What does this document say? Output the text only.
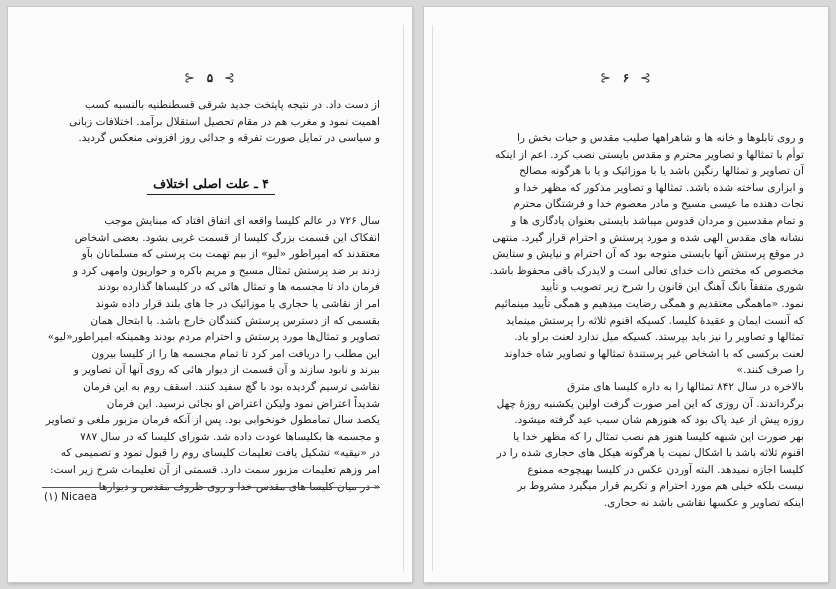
⊱ ۵ ⊰

از دست داد. در نتیجه پایتخت جدید شرقی قسطنطنیه بالنسبه کسب

اهمیت نمود و مغرب هم در مقام تحصیل استقلال برآمد. اختلافات زبانی

و سیاسی در تمایل صورت تفرقه و جدائی روز افزونی منعکس گردید.

۴ ـ علت اصلی اختلاف

سال ۷۲۶ در عالم کلیسا واقعه ای اتفاق افتاد که مبنایش موجب

انفکاک این قسمت بزرگ کلیسا از قسمت غربی بشود. بعضی اشخاص

معتقدند که امپراطور «لیو» از بیم تهمت بت پرستی که مسلمانان بآو

زدند بر ضد پرستش تمثال مسیح و مریم باکره و حواریون وامهی کرد و

فرمان داد تا مجسمه ها و تمثال هائی که در کلیساها گذارده بودند

امر از نقاشی یا حجاری یا موزائیک در جا های بلند قرار داده شوند

بقسمی که از دسترس پرستش کنندگان خارج باشد. با ابتحال همان

تصاویر و تمثال‌ها مورد پرستش و احترام مردم بودند وهمینکه امپراطور«لیو»

این مطلب را دریافت امر کرد تا تمام مجسمه ها را از کلیسا بیرون

ببرند و نابود سازند و آن قسمت از دیوار هائی که روی آنها آن تصاویر و

نقاشی ترسیم گردیده بود با گچ سفید کنند. اسقف روم به این فرمان

شدیداً اعتراض نمود ولیکن اعتراض او بجائی نرسید. این فرمان

یکصد سال تمامطول خونخوابی بود. پس از آنکه فرمان مزبور ملغی و تصاویر

و مجسمه ها بکلیساها عودت داده شد. شورای کلیسا که در سال ۷۸۷

در «نیقیه» تشکیل یافت تعلیمات کلیسای روم را قبول نمود و تصمیمی که

امر وزهم تعلیمات مزبور سمت دارد. قسمتی از آن تعلیمات شرح زیر است:

« در میان کلیسا های مقدس خدا و روی ظروف مقدس و دیوارها

(۱) Nicaea
⊱ ۶ ⊰

و روی تابلوها و خانه ها و شاهراهها صلیب مقدس و حیات بخش را

توأم با تمثالها و تصاویر محترم و مقدس بایستی نصب کرد. اعم از اینکه

آن تصاویر و تمثالها رنگین باشد یا با موزائیک و یا با هرگونه مصالح

و ابزاری ساخته شده باشد. تمثالها و تصاویر مذکور که مظهر خدا و

نجات دهنده ما عیسی مسیح و مادر معصوم خدا و فرشتگان محترم

و تمام مقدسین و مردان قدوس میباشد بایستی بعنوان یادگاری ها و

نشانه های مقدس الهی شده و مورد پرستش و احترام قرار گیرد. منتهی

در موقع پرستش آنها بایستی متوجه بود که آن احترام و نیایش و ستایش

مخصوص که مختص ذات خدای تعالی است و لایدرک باقی محفوظ باشد.

شوری متفقاً بانگ آهنگ این قانون را شرح زیر تصویب و تأیید

نمود. «ماهمگی معتقدیم و همگی رضایت میدهیم و همگی تأیید مینمائیم

که آنست ایمان و عقیدهٔ کلیسا. کسیکه اقنوم ثلاثه را پرستش مینماید

تمثالها و تصاویر را نیز باید بپرستد. کسیکه میل ندارد لعنت براو باد.

لعنت برکسی که با اشخاص غیر پرستندهٔ تمثالها و تصاویر شاه خداوند

را صرف کنند.»

بالاخره در سال ۸۴۲ تمثالها را به داره کلیسا های مترق

برگرداندند. آن روزی که این امر صورت گرفت اولین یکشنبه روزهٔ چهل

روزه پیش از عید پاک بود که هنوزهم شان سبب عید گرفته میشود.

بهر صورت این شبهه کلیسا هنوز هم نصب تمثال را که مظهر خدا یا

اقنوم ثلاثه باشد با اشکال نمیت یا هرگونه هیکل های حجاری شده را در

کلیسا اجازه نمیدهد. البته آوردن عکس در کلیسا بهیچوجه ممنوع

نیست بلکه خیلی هم مورد احترام و تکریم قرار میگیرد مشروط بر

اینکه تصاویر و عکسها نقاشی باشد نه حجاری.
